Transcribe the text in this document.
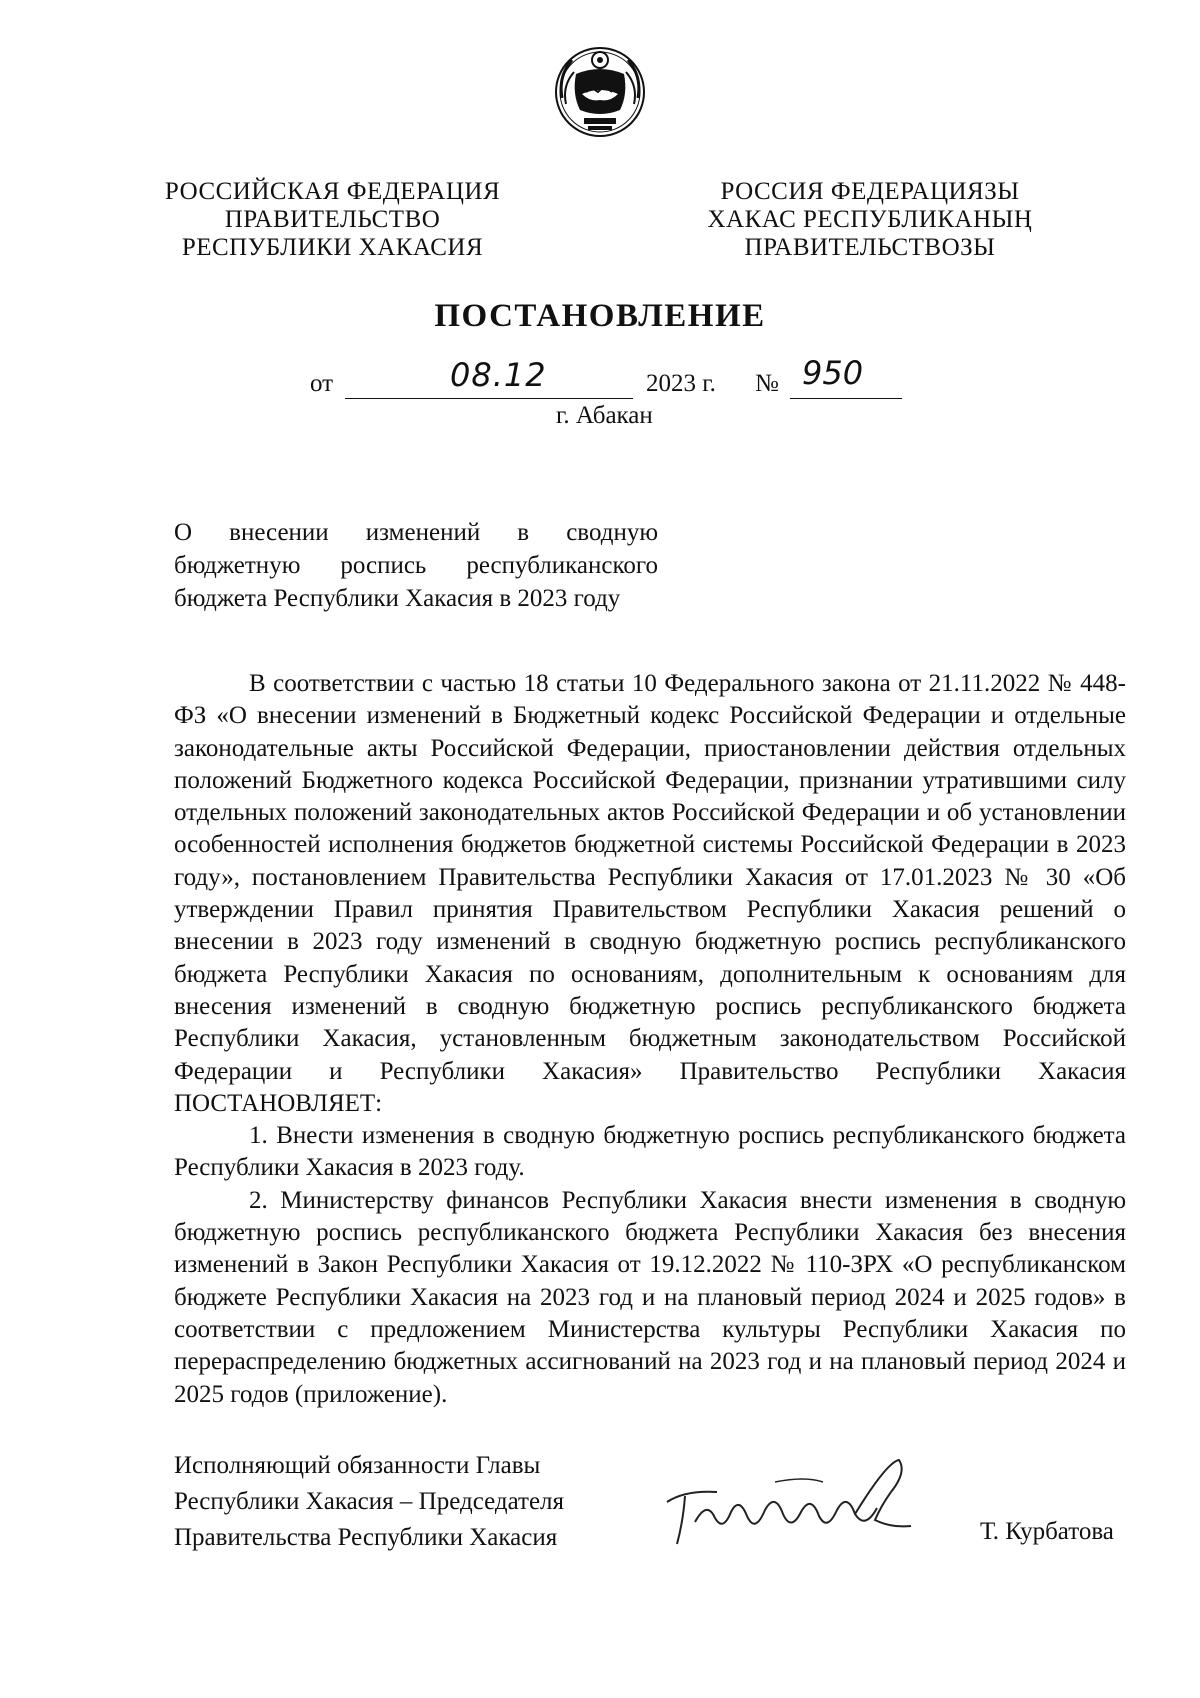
РОССИЙСКАЯ ФЕДЕРАЦИЯ
ПРАВИТЕЛЬСТВО
РЕСПУБЛИКИ ХАКАСИЯ
РОССИЯ ФЕДЕРАЦИЯЗЫ
ХАКАС РЕСПУБЛИКАНЫҢ
ПРАВИТЕЛЬСТВОЗЫ
ПОСТАНОВЛЕНИЕ
от	08.12	2023 г. № 950
г. Абакан
О внесении изменений в сводную
бюджетную роспись республиканского
бюджета Республики Хакасия в 2023 году

В соответствии с частью 18 статьи 10 Федерального закона от 21.11.2022 № 448-ФЗ «О внесении изменений в Бюджетный кодекс Российской Федерации и отдельные законодательные акты Российской Федерации, приостановлении действия отдельных положений Бюджетного кодекса Российской Федерации, признании утратившими силу отдельных положений законодательных актов Российской Федерации и об установлении особенностей исполнения бюджетов бюджетной системы Российской Федерации в 2023 году», постановлением Правительства Республики Хакасия от 17.01.2023 № 30 «Об утверждении Правил принятия Правительством Республики Хакасия решений о внесении в 2023 году изменений в сводную бюджетную роспись республиканского бюджета Республики Хакасия по основаниям, дополнительным к основаниям для внесения изменений в сводную бюджетную роспись республиканского бюджета Республики Хакасия, установленным бюджетным законодательством Российской Федерации и Республики Хакасия» Правительство Республики Хакасия ПОСТАНОВЛЯЕТ:

1. Внести изменения в сводную бюджетную роспись республиканского бюджета Республики Хакасия в 2023 году.

2. Министерству финансов Республики Хакасия внести изменения в сводную бюджетную роспись республиканского бюджета Республики Хакасия без внесения изменений в Закон Республики Хакасия от 19.12.2022 № 110-ЗРХ «О республиканском бюджете Республики Хакасия на 2023 год и на плановый период 2024 и 2025 годов» в соответствии с предложением Министерства культуры Республики Хакасия по перераспределению бюджетных ассигнований на 2023 год и на плановый период 2024 и 2025 годов (приложение).

Исполняющий обязанности Главы
Республики Хакасия – Председателя
Правительства Республики Хакасия	Т. Курбатова
